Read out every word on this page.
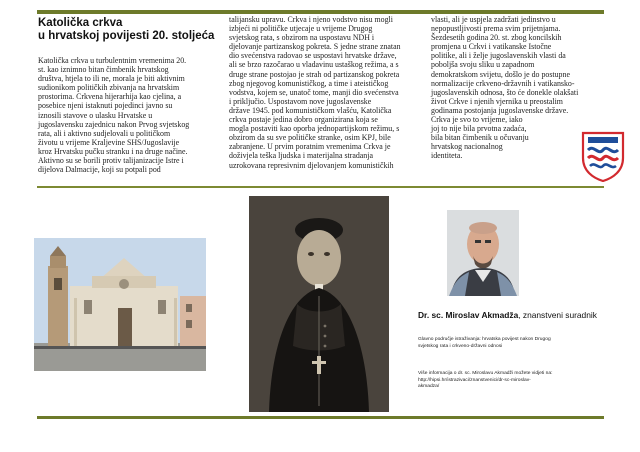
Katolička crkva
u hrvatskoj povijesti 20. stoljeća

Katolička crkva u turbulentnim vremenima 20.
st. kao iznimno bitan čimbenik hrvatskog
društva, htjela to ili ne, morala je biti aktivnim
sudionikom političkih zbivanja na hrvatskim
prostorima. Crkvena hijerarhija kao cjelina, a
posebice njeni istaknuti pojedinci javno su
iznosili stavove o ulasku Hrvatske u
jugoslavensku zajednicu nakon Prvog svjetskog
rata, ali i aktivno sudjelovali u političkom
životu u vrijeme Kraljevine SHS/Jugoslavije
kroz Hrvatsku pučku stranku i na druge načine.
Aktivno su se borili protiv talijanizacije Istre i
dijelova Dalmacije, koji su potpali pod

talijansku upravu. Crkva i njeno vodstvo nisu mogli
izbjeći ni političke utjecaje u vrijeme Drugog
svjetskog rata, s obzirom na uspostavu NDH i
djelovanje partizanskog pokreta. S jedne strane znatan
dio svećenstva radovao se uspostavi hrvatske države,
ali se brzo razočarao u vladavinu ustaškog režima, a s
druge strane postojao je strah od partizanskog pokreta
zbog njegovog komunističkog, a time i ateističkog
vodstva, kojem se, unatoč tome, manji dio svećenstva
i priključio. Uspostavom nove jugoslavenske
države 1945. pod komunističkom vlašću, Katolička
crkva postaje jedina dobro organizirana koja se
mogla postaviti kao oporba jednopartijskom režimu, s
obzirom da su sve političke stranke, osim KPJ, bile
zabranjene. U prvim poratnim vremenima Crkva je
doživjela teška ljudska i materijalna stradanja
uzrokovana represivnim djelovanjem komunističkih

vlasti, ali je uspjela zadržati jedinstvo u
nepopustljivosti prema svim prijetnjama.
Šezdesetih godina 20. st. zbog koncilskih
promjena u Crkvi i vatikanske Istočne
politike, ali i želje jugoslavenskih vlasti da
poboljša svoju sliku u zapadnom
demokratskom svijetu, došlo je do postupne
normalizacije crkveno-državnih i vatikansko-
jugoslavenskih odnosa, što će donekle olakšati
život Crkve i njenih vjernika u preostalim
godinama postojanja jugoslavenske države.
Crkva je svo to vrijeme, iako
joj to nije bila prvotna zadaća,
bila bitan čimbenik u očuvanju
hrvatskog nacionalnog
identiteta.

Dr. sc. Miroslav Akmadža, znanstveni suradnik
Glavno područje istraživanja: hrvatska povijest nakon Drugog
svjetskog rata i crkveno-državni odnosi
Više informacija o dr. sc. Miroslavu Akmadži možete vidjeti na:
http://hipsi.hr/istrazivaci/znanstvenici/dr-sc-miroslav-
akmadza/
